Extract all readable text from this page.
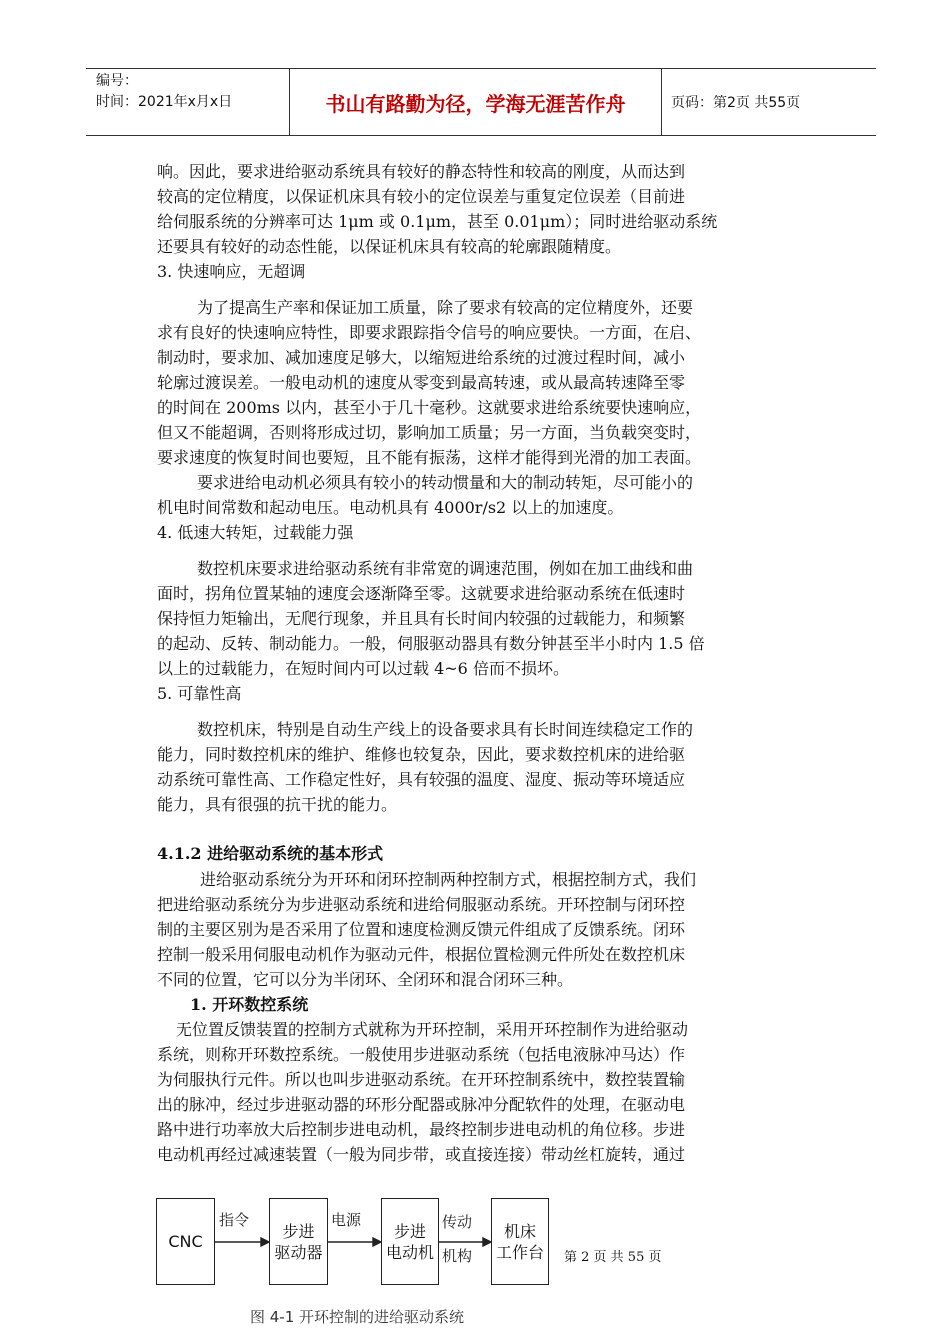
编号：
时间：2021年x月x日	书山有路勤为径，学海无涯苦作舟	页码：第2页 共55页
响。因此，要求进给驱动系统具有较好的静态特性和较高的刚度，从而达到
较高的定位精度，以保证机床具有较小的定位误差与重复定位误差（目前进
给伺服系统的分辨率可达 1μm 或 0.1μm，甚至 0.01μm）；同时进给驱动系统
还要具有较好的动态性能，以保证机床具有较高的轮廓跟随精度。
3. 快速响应，无超调
为了提高生产率和保证加工质量，除了要求有较高的定位精度外，还要
求有良好的快速响应特性，即要求跟踪指令信号的响应要快。一方面，在启、
制动时，要求加、减加速度足够大，以缩短进给系统的过渡过程时间，减小
轮廓过渡误差。一般电动机的速度从零变到最高转速，或从最高转速降至零
的时间在 200ms 以内，甚至小于几十毫秒。这就要求进给系统要快速响应，
但又不能超调，否则将形成过切，影响加工质量；另一方面，当负载突变时，
要求速度的恢复时间也要短，且不能有振荡，这样才能得到光滑的加工表面。
要求进给电动机必须具有较小的转动惯量和大的制动转矩，尽可能小的
机电时间常数和起动电压。电动机具有 4000r/s2 以上的加速度。
4. 低速大转矩，过载能力强
数控机床要求进给驱动系统有非常宽的调速范围，例如在加工曲线和曲
面时，拐角位置某轴的速度会逐渐降至零。这就要求进给驱动系统在低速时
保持恒力矩输出，无爬行现象，并且具有长时间内较强的过载能力，和频繁
的起动、反转、制动能力。一般，伺服驱动器具有数分钟甚至半小时内 1.5 倍
以上的过载能力，在短时间内可以过载 4~6 倍而不损坏。
5. 可靠性高
数控机床，特别是自动生产线上的设备要求具有长时间连续稳定工作的
能力，同时数控机床的维护、维修也较复杂，因此，要求数控机床的进给驱
动系统可靠性高、工作稳定性好，具有较强的温度、湿度、振动等环境适应
能力，具有很强的抗干扰的能力。
4.1.2 进给驱动系统的基本形式
进给驱动系统分为开环和闭环控制两种控制方式，根据控制方式，我们
把进给驱动系统分为步进驱动系统和进给伺服驱动系统。开环控制与闭环控
制的主要区别为是否采用了位置和速度检测反馈元件组成了反馈系统。闭环
控制一般采用伺服电动机作为驱动元件，根据位置检测元件所处在数控机床
不同的位置，它可以分为半闭环、全闭环和混合闭环三种。
1. 开环数控系统
无位置反馈装置的控制方式就称为开环控制，采用开环控制作为进给驱动
系统，则称开环数控系统。一般使用步进驱动系统（包括电液脉冲马达）作
为伺服执行元件。所以也叫步进驱动系统。在开环控制系统中，数控装置输
出的脉冲，经过步进驱动器的环形分配器或脉冲分配软件的处理，在驱动电
路中进行功率放大后控制步进电动机，最终控制步进电动机的角位移。步进
电动机再经过减速装置（一般为同步带，或直接连接）带动丝杠旋转，通过
CNC
步进
驱动器
步进
电动机
机床
工作台
指令	电源	传动
机构	第 2 页 共 55 页
图 4-1 开环控制的进给驱动系统
